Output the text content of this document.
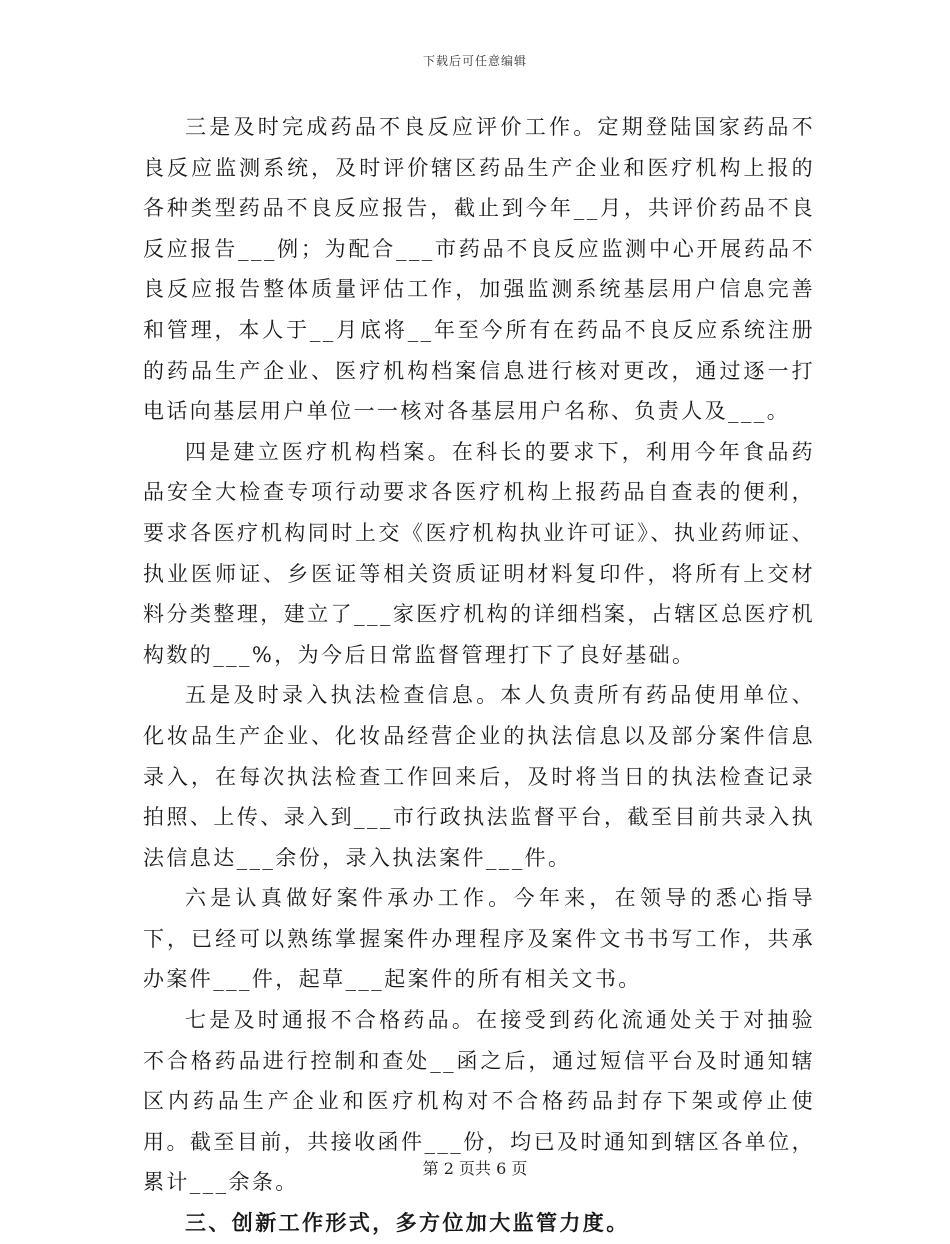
下载后可任意编辑

三是及时完成药品不良反应评价工作。定期登陆国家药品不良反应监测系统，及时评价辖区药品生产企业和医疗机构上报的各种类型药品不良反应报告，截止到今年__月，共评价药品不良反应报告___例；为配合___市药品不良反应监测中心开展药品不良反应报告整体质量评估工作，加强监测系统基层用户信息完善和管理，本人于__月底将__年至今所有在药品不良反应系统注册的药品生产企业、医疗机构档案信息进行核对更改，通过逐一打电话向基层用户单位一一核对各基层用户名称、负责人及___。

四是建立医疗机构档案。在科长的要求下，利用今年食品药品安全大检查专项行动要求各医疗机构上报药品自查表的便利，要求各医疗机构同时上交《医疗机构执业许可证》、执业药师证、执业医师证、乡医证等相关资质证明材料复印件，将所有上交材料分类整理，建立了___家医疗机构的详细档案，占辖区总医疗机构数的___%，为今后日常监督管理打下了良好基础。

五是及时录入执法检查信息。本人负责所有药品使用单位、化妆品生产企业、化妆品经营企业的执法信息以及部分案件信息录入，在每次执法检查工作回来后，及时将当日的执法检查记录拍照、上传、录入到___市行政执法监督平台，截至目前共录入执法信息达___余份，录入执法案件___件。

六是认真做好案件承办工作。今年来，在领导的悉心指导下，已经可以熟练掌握案件办理程序及案件文书书写工作，共承办案件___件，起草___起案件的所有相关文书。

七是及时通报不合格药品。在接受到药化流通处关于对抽验不合格药品进行控制和查处__函之后，通过短信平台及时通知辖区内药品生产企业和医疗机构对不合格药品封存下架或停止使用。截至目前，共接收函件___份，均已及时通知到辖区各单位，累计___余条。

三、创新工作形式，多方位加大监管力度。

第 2 页共 6 页
